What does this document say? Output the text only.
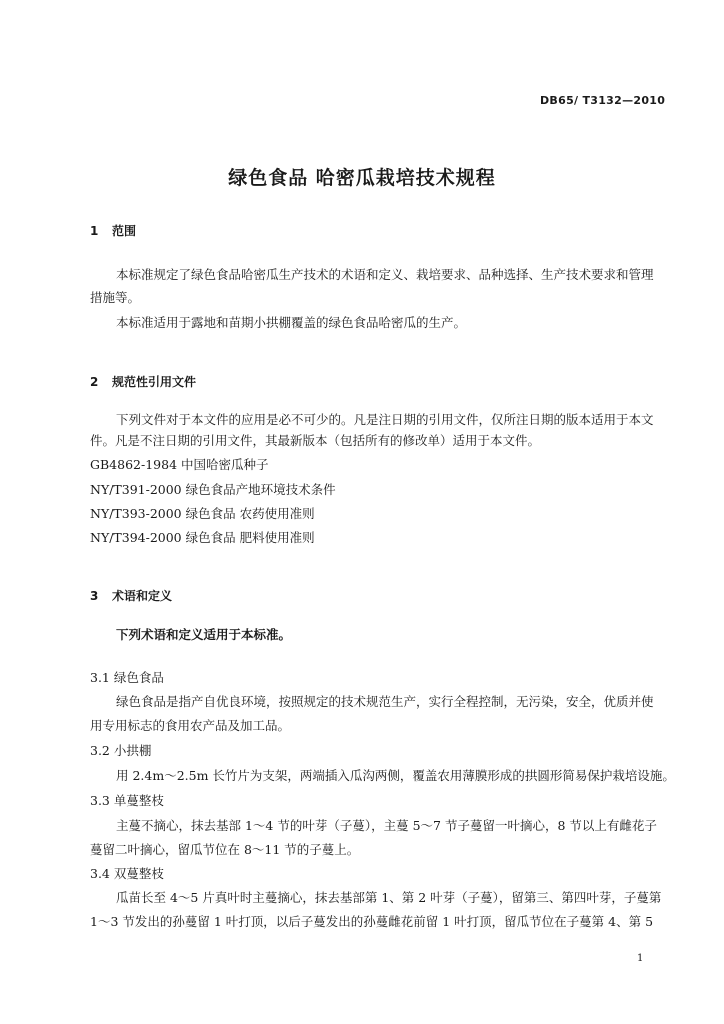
DB65/ T3132—2010
绿色食品 哈密瓜栽培技术规程
1 范围
本标准规定了绿色食品哈密瓜生产技术的术语和定义、栽培要求、品种选择、生产技术要求和管理
措施等。
本标准适用于露地和苗期小拱棚覆盖的绿色食品哈密瓜的生产。
2 规范性引用文件
下列文件对于本文件的应用是必不可少的。凡是注日期的引用文件，仅所注日期的版本适用于本文
件。凡是不注日期的引用文件，其最新版本（包括所有的修改单）适用于本文件。
GB4862-1984 中国哈密瓜种子
NY/T391-2000 绿色食品产地环境技术条件
NY/T393-2000 绿色食品 农药使用准则
NY/T394-2000 绿色食品 肥料使用准则
3 术语和定义
下列术语和定义适用于本标准。
3.1 绿色食品
绿色食品是指产自优良环境，按照规定的技术规范生产，实行全程控制，无污染，安全，优质并使
用专用标志的食用农产品及加工品。
3.2 小拱棚
用 2.4m～2.5m 长竹片为支架，两端插入瓜沟两侧，覆盖农用薄膜形成的拱圆形简易保护栽培设施。
3.3 单蔓整枝
主蔓不摘心，抹去基部 1～4 节的叶芽（子蔓），主蔓 5～7 节子蔓留一叶摘心，8 节以上有雌花子
蔓留二叶摘心，留瓜节位在 8～11 节的子蔓上。
3.4 双蔓整枝
瓜苗长至 4～5 片真叶时主蔓摘心，抹去基部第 1、第 2 叶芽（子蔓），留第三、第四叶芽，子蔓第
1～3 节发出的孙蔓留 1 叶打顶，以后子蔓发出的孙蔓雌花前留 1 叶打顶，留瓜节位在子蔓第 4、第 5
1
